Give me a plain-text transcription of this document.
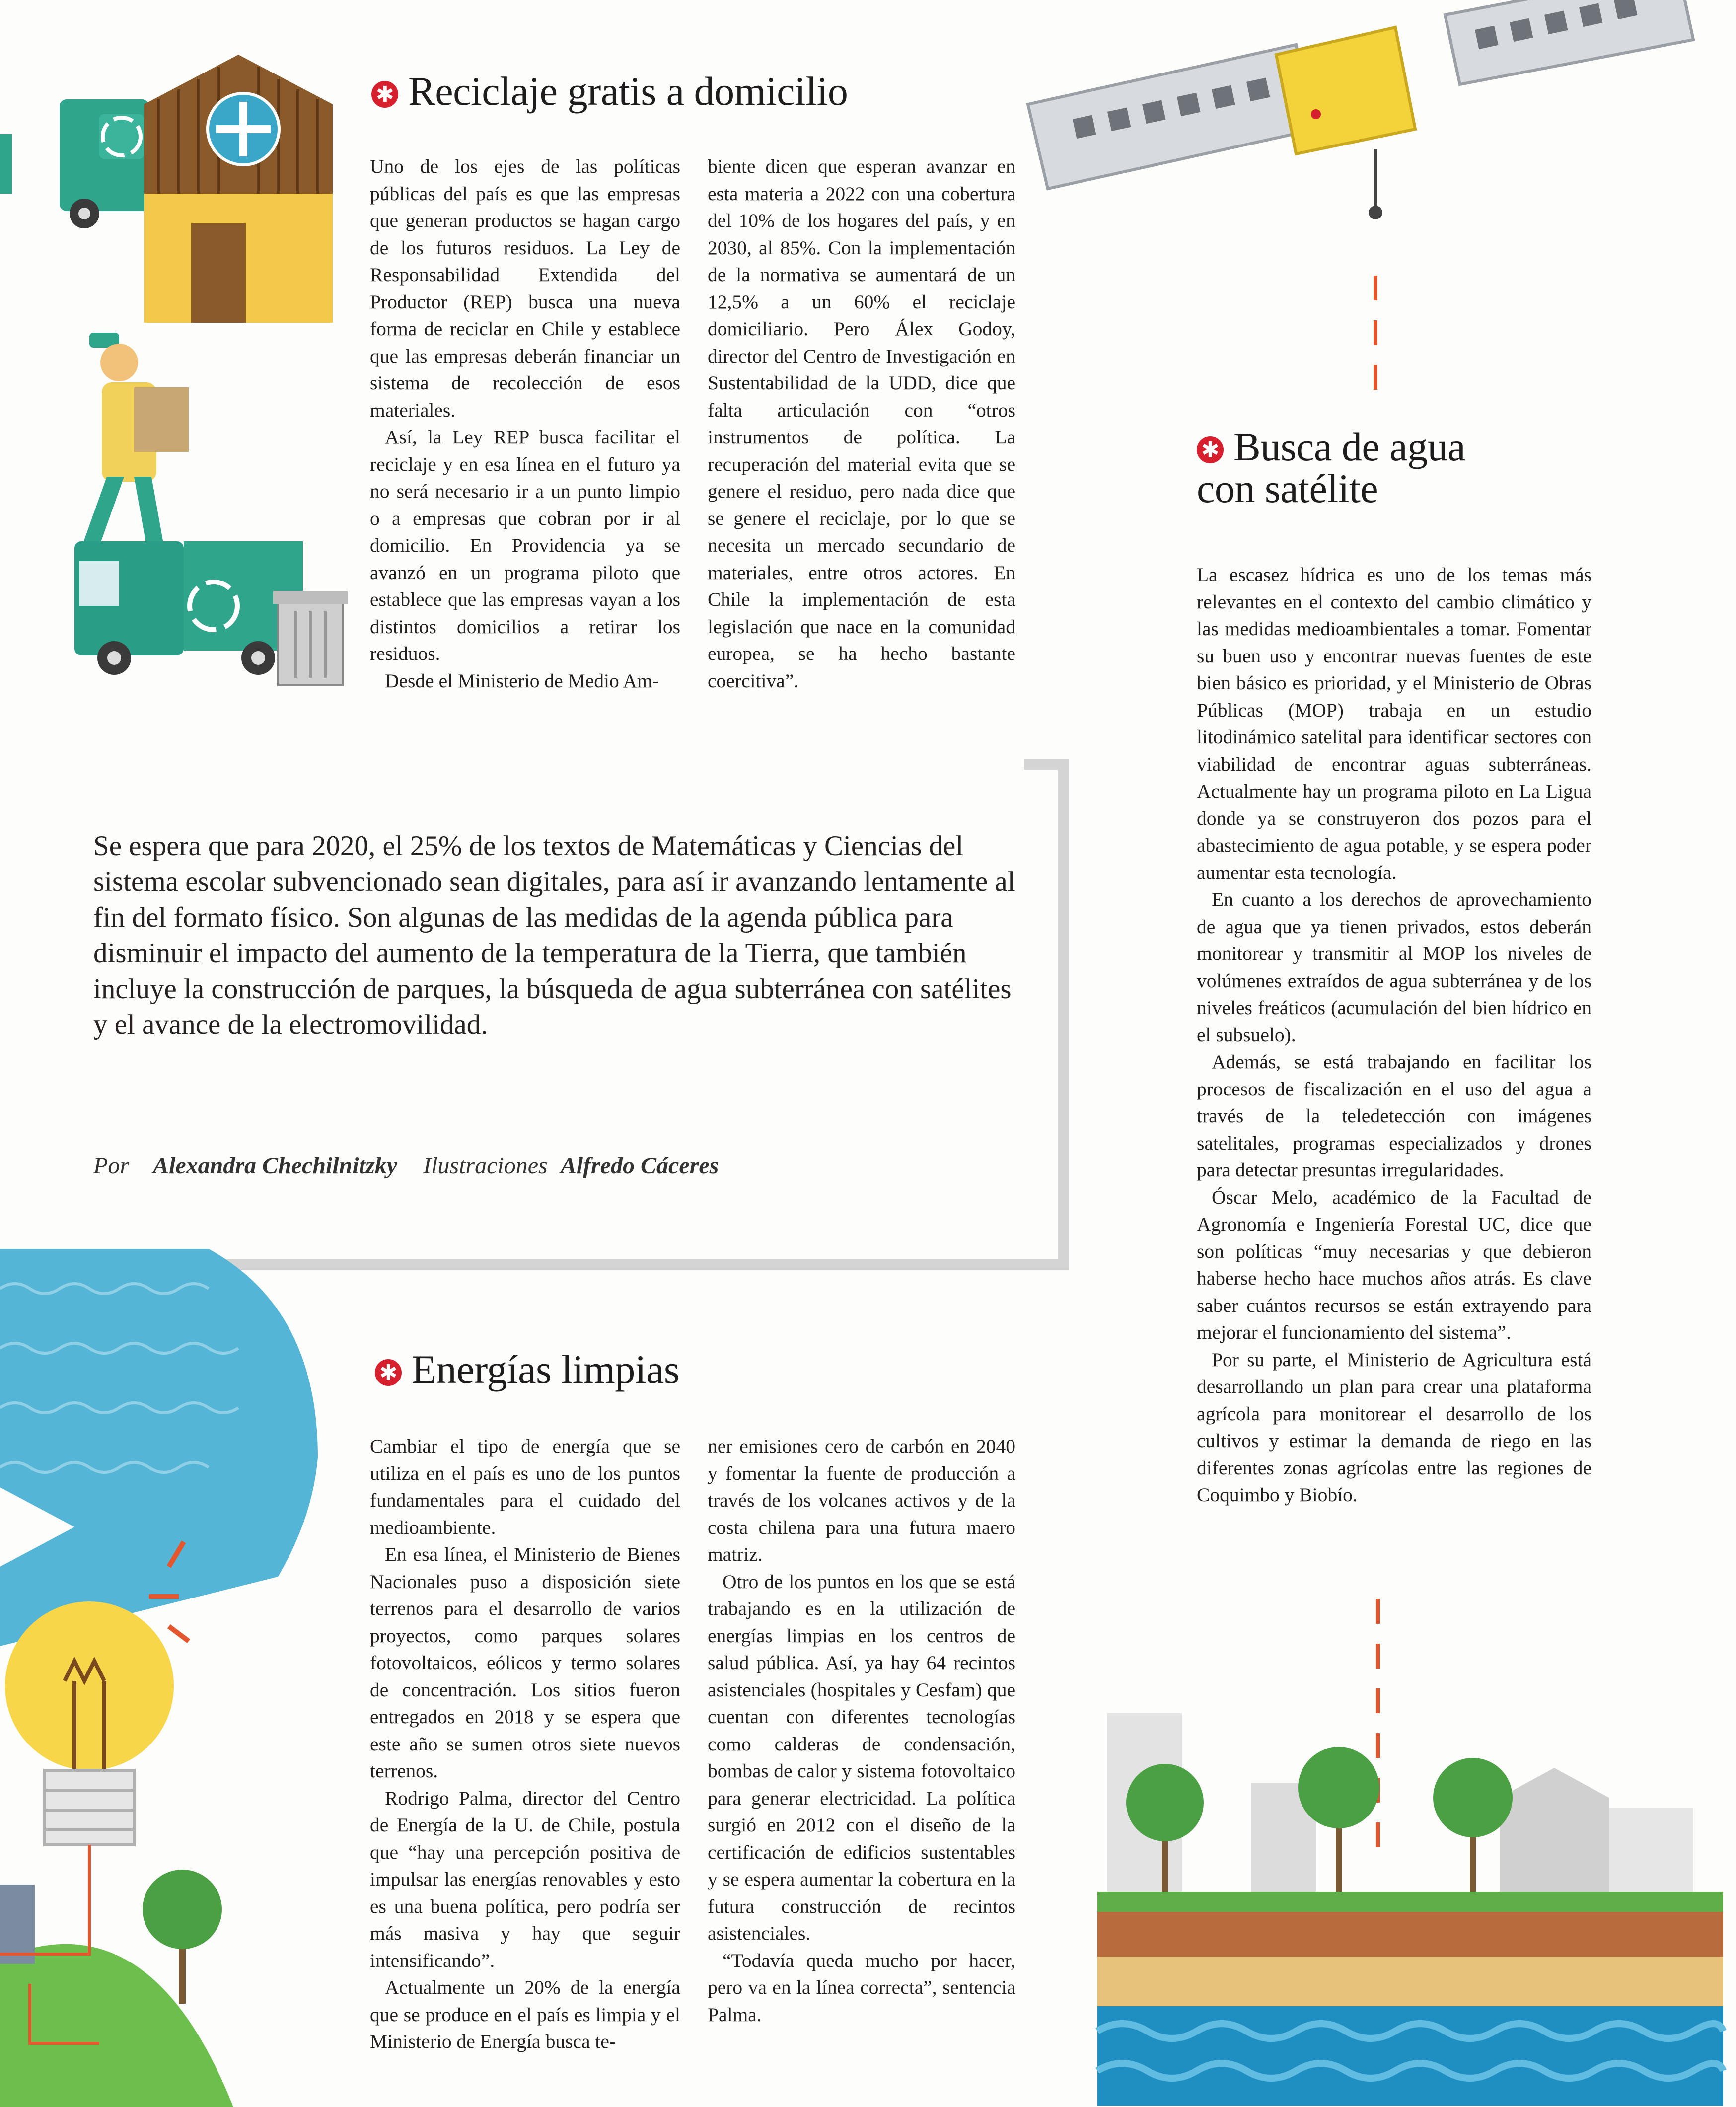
✱ Reciclaje gratis a domicilio

Uno de los ejes de las políticas públicas del país es que las empresas que generan productos se hagan cargo de los futuros residuos. La Ley de Responsabilidad Extendida del Productor (REP) busca una nueva forma de reciclar en Chile y establece que las empresas deberán financiar un sistema de recolección de esos materiales.

Así, la Ley REP busca facilitar el reciclaje y en esa línea en el futuro ya no será necesario ir a un punto limpio o a empresas que cobran por ir al domicilio. En Providencia ya se avanzó en un programa piloto que establece que las empresas vayan a los distintos domicilios a retirar los residuos.

Desde el Ministerio de Medio Am-

biente dicen que esperan avanzar en esta materia a 2022 con una cobertura del 10% de los hogares del país, y en 2030, al 85%. Con la implementación de la normativa se aumentará de un 12,5% a un 60% el reciclaje domiciliario. Pero Álex Godoy, director del Centro de Investigación en Sustentabilidad de la UDD, dice que falta articulación con “otros instrumentos de política. La recuperación del material evita que se genere el residuo, pero nada dice que se genere el reciclaje, por lo que se necesita un mercado secundario de materiales, entre otros actores. En Chile la implementación de esta legislación que nace en la comunidad europea, se ha hecho bastante coercitiva”.

Se espera que para 2020, el 25% de los textos de Matemáticas y Ciencias del sistema escolar subvencionado sean digitales, para así ir avanzando lentamente al fin del formato físico. Son algunas de las medidas de la agenda pública para disminuir el impacto del aumento de la temperatura de la Tierra, que también incluye la construcción de parques, la búsqueda de agua subterránea con satélites y el avance de la electromovilidad.
Por Alexandra Chechilnitzky Ilustraciones Alfredo Cáceres
✱ Busca de agua
con satélite

La escasez hídrica es uno de los temas más relevantes en el contexto del cambio climático y las medidas medioambientales a tomar. Fomentar su buen uso y encontrar nuevas fuentes de este bien básico es prioridad, y el Ministerio de Obras Públicas (MOP) trabaja en un estudio litodinámico satelital para identificar sectores con viabilidad de encontrar aguas subterráneas. Actualmente hay un programa piloto en La Ligua donde ya se construyeron dos pozos para el abastecimiento de agua potable, y se espera poder aumentar esta tecnología.

En cuanto a los derechos de aprovechamiento de agua que ya tienen privados, estos deberán monitorear y transmitir al MOP los niveles de volúmenes extraídos de agua subterránea y de los niveles freáticos (acumulación del bien hídrico en el subsuelo).

Además, se está trabajando en facilitar los procesos de fiscalización en el uso del agua a través de la teledetección con imágenes satelitales, programas especializados y drones para detectar presuntas irregularidades.

Óscar Melo, académico de la Facultad de Agronomía e Ingeniería Forestal UC, dice que son políticas “muy necesarias y que debieron haberse hecho hace muchos años atrás. Es clave saber cuántos recursos se están extrayendo para mejorar el funcionamiento del sistema”.

Por su parte, el Ministerio de Agricultura está desarrollando un plan para crear una plataforma agrícola para monitorear el desarrollo de los cultivos y estimar la demanda de riego en las diferentes zonas agrícolas entre las regiones de Coquimbo y Biobío.

✱ Energías limpias

Cambiar el tipo de energía que se utiliza en el país es uno de los puntos fundamentales para el cuidado del medioambiente.

En esa línea, el Ministerio de Bienes Nacionales puso a disposición siete terrenos para el desarrollo de varios proyectos, como parques solares fotovoltaicos, eólicos y termo solares de concentración. Los sitios fueron entregados en 2018 y se espera que este año se sumen otros siete nuevos terrenos.

Rodrigo Palma, director del Centro de Energía de la U. de Chile, postula que “hay una percepción positiva de impulsar las energías renovables y esto es una buena política, pero podría ser más masiva y hay que seguir intensificando”.

Actualmente un 20% de la energía que se produce en el país es limpia y el Ministerio de Energía busca te-

ner emisiones cero de carbón en 2040 y fomentar la fuente de producción a través de los volcanes activos y de la costa chilena para una futura maero matriz.

Otro de los puntos en los que se está trabajando es en la utilización de energías limpias en los centros de salud pública. Así, ya hay 64 recintos asistenciales (hospitales y Cesfam) que cuentan con diferentes tecnologías como calderas de condensación, bombas de calor y sistema fotovoltaico para generar electricidad. La política surgió en 2012 con el diseño de la certificación de edificios sustentables y se espera aumentar la cobertura en la futura construcción de recintos asistenciales.

“Todavía queda mucho por hacer, pero va en la línea correcta”, sentencia Palma.
